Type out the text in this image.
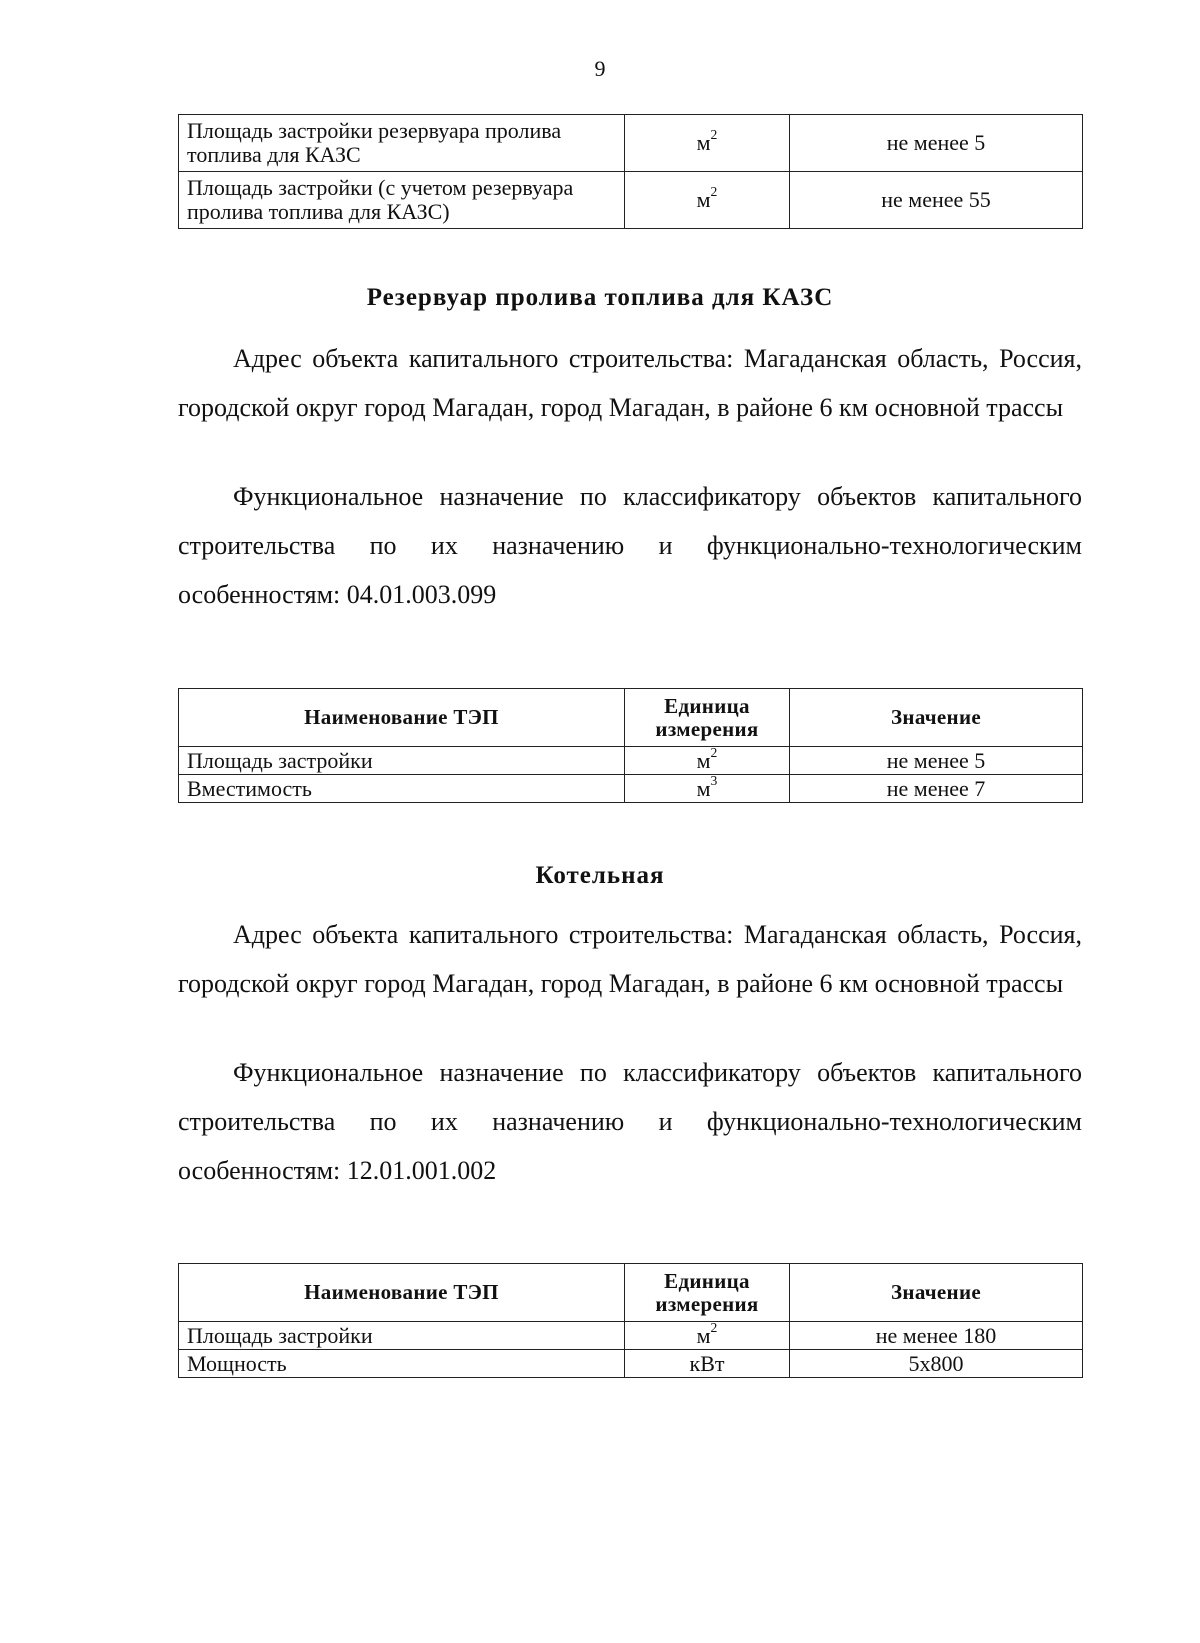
9
Площадь застройки резервуара пролива топлива для КАЗС	$м^2$	не менее 5
Площадь застройки (с учетом резервуара пролива топлива для КАЗС)	$м^2$	не менее 55
Резервуар пролива топлива для КАЗС

Адрес объекта капитального строительства: Магаданская область, Россия, городской округ город Магадан, город Магадан, в районе 6 км основной трассы

Функциональное назначение по классификатору объектов капитального строительства по их назначению и функционально-технологическим особенностям: 04.01.003.099

Наименование ТЭП	Единица измерения	Значение
Площадь застройки	$м^2$	не менее 5
Вместимость	$м^3$	не менее 7
Котельная

Адрес объекта капитального строительства: Магаданская область, Россия, городской округ город Магадан, город Магадан, в районе 6 км основной трассы

Функциональное назначение по классификатору объектов капитального строительства по их назначению и функционально-технологическим особенностям: 12.01.001.002

Наименование ТЭП	Единица измерения	Значение
Площадь застройки	$м^2$	не менее 180
Мощность	кВт	5х800
